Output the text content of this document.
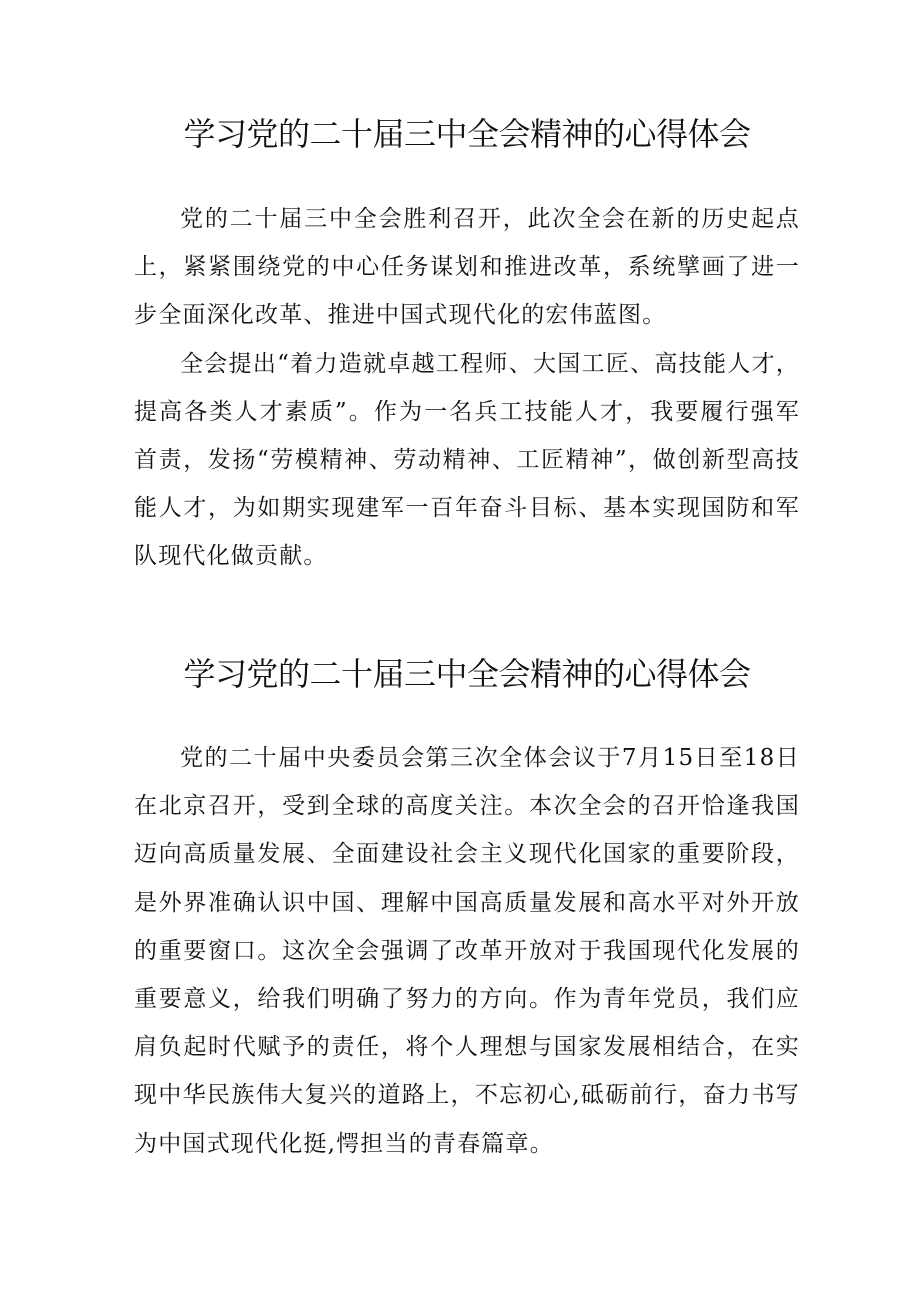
学习党的二十届三中全会精神的心得体会

党的二十届三中全会胜利召开，此次全会在新的历史起点上，紧紧围绕党的中心任务谋划和推进改革，系统擘画了进一步全面深化改革、推进中国式现代化的宏伟蓝图。

全会提出“着力造就卓越工程师、大国工匠、高技能人才，提高各类人才素质”。作为一名兵工技能人才，我要履行强军首责，发扬“劳模精神、劳动精神、工匠精神”，做创新型高技能人才，为如期实现建军一百年奋斗目标、基本实现国防和军队现代化做贡献。

学习党的二十届三中全会精神的心得体会

党的二十届中央委员会第三次全体会议于7月15日至18日在北京召开，受到全球的高度关注。本次全会的召开恰逢我国迈向高质量发展、全面建设社会主义现代化国家的重要阶段，是外界准确认识中国、理解中国高质量发展和高水平对外开放的重要窗口。这次全会强调了改革开放对于我国现代化发展的重要意义，给我们明确了努力的方向。作为青年党员，我们应肩负起时代赋予的责任，将个人理想与国家发展相结合，在实现中华民族伟大复兴的道路上，不忘初心,砥砺前行，奋力书写为中国式现代化挺,愕担当的青春篇章。
